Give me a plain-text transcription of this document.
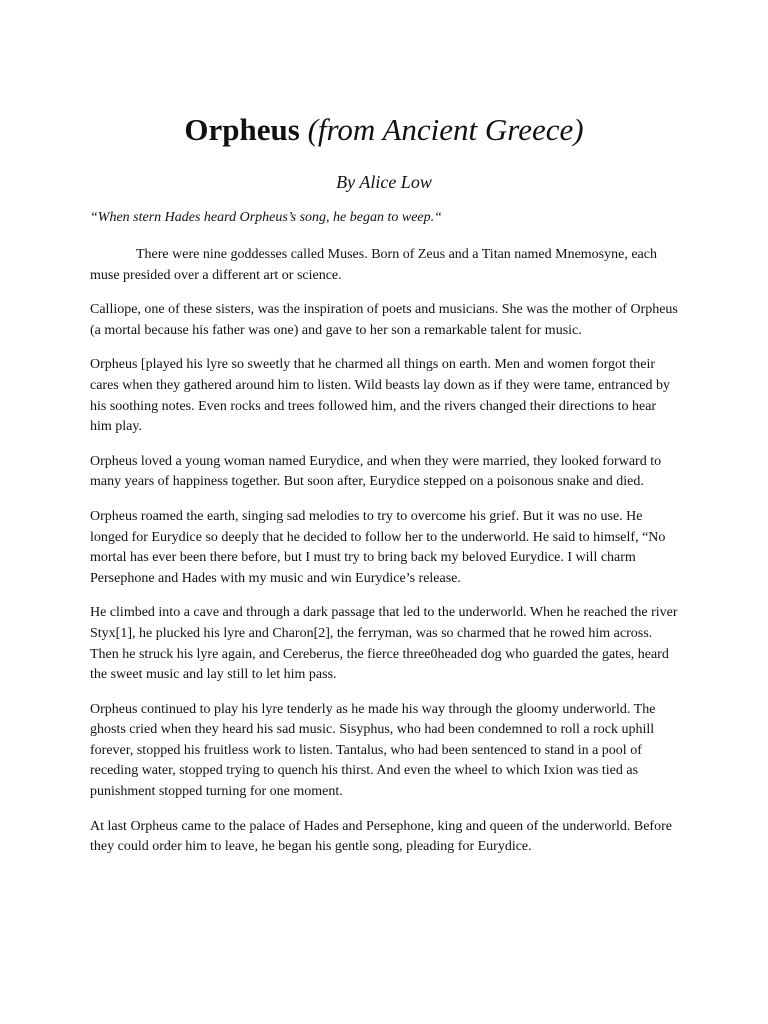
Orpheus (from Ancient Greece)

By Alice Low

“When stern Hades heard Orpheus’s song, he began to weep.“

There were nine goddesses called Muses. Born of Zeus and a Titan named Mnemosyne, each muse presided over a different art or science.

Calliope, one of these sisters, was the inspiration of poets and musicians. She was the mother of Orpheus (a mortal because his father was one) and gave to her son a remarkable talent for music.

Orpheus [played his lyre so sweetly that he charmed all things on earth. Men and women forgot their cares when they gathered around him to listen. Wild beasts lay down as if they were tame, entranced by his soothing notes. Even rocks and trees followed him, and the rivers changed their directions to hear him play.

Orpheus loved a young woman named Eurydice, and when they were married, they looked forward to many years of happiness together. But soon after, Eurydice stepped on a poisonous snake and died.

Orpheus roamed the earth, singing sad melodies to try to overcome his grief. But it was no use. He longed for Eurydice so deeply that he decided to follow her to the underworld. He said to himself, “No mortal has ever been there before, but I must try to bring back my beloved Eurydice. I will charm Persephone and Hades with my music and win Eurydice’s release.

He climbed into a cave and through a dark passage that led to the underworld. When he reached the river Styx[1], he plucked his lyre and Charon[2], the ferryman, was so charmed that he rowed him across. Then he struck his lyre again, and Cereberus, the fierce three0headed dog who guarded the gates, heard the sweet music and lay still to let him pass.

Orpheus continued to play his lyre tenderly as he made his way through the gloomy underworld. The ghosts cried when they heard his sad music. Sisyphus, who had been condemned to roll a rock uphill forever, stopped his fruitless work to listen. Tantalus, who had been sentenced to stand in a pool of receding water, stopped trying to quench his thirst. And even the wheel to which Ixion was tied as punishment stopped turning for one moment.

At last Orpheus came to the palace of Hades and Persephone, king and queen of the underworld. Before they could order him to leave, he began his gentle song, pleading for Eurydice.
